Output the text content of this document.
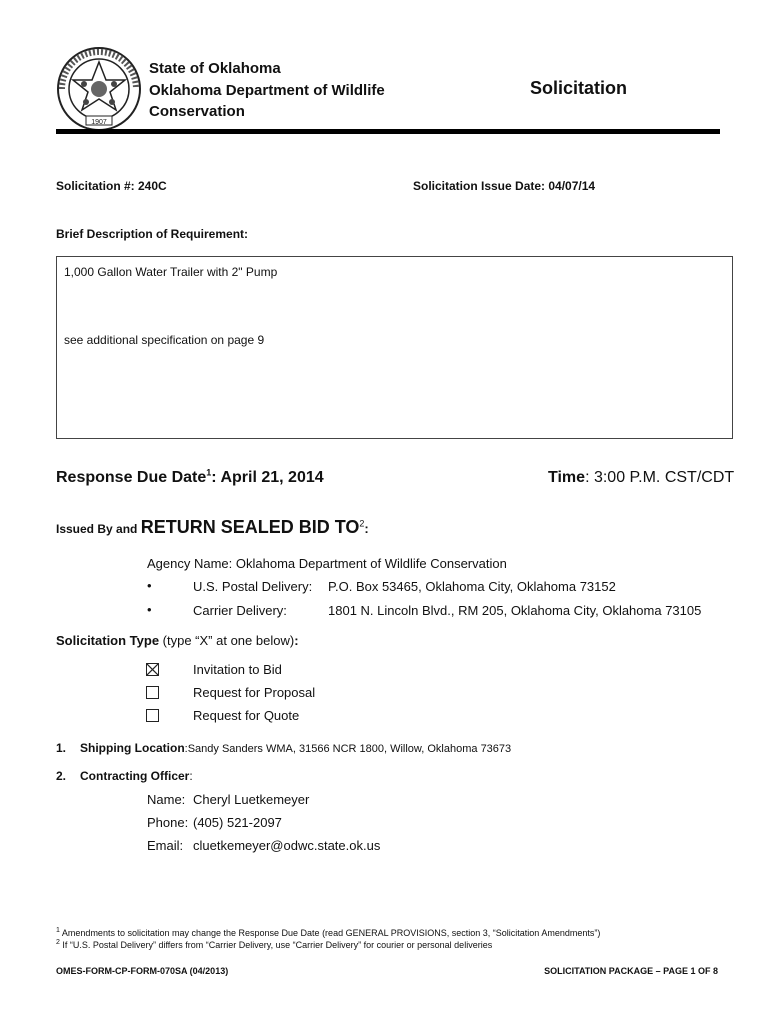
1907
State of Oklahoma
Oklahoma Department of Wildlife
Conservation
Solicitation
Solicitation #: 240C	Solicitation Issue Date: 04/07/14
Brief Description of Requirement:
1,000 Gallon Water Trailer with 2" Pump
see additional specification on page 9
Response Due Date$^1$: April 21, 2014	Time: 3:00 P.M. CST/CDT
Issued By and RETURN SEALED BID $TO^2$:
Agency Name: Oklahoma Department of Wildlife Conservation
•	U.S. Postal Delivery: P.O. Box 53465, Oklahoma City, Oklahoma 73152
•	Carrier Delivery:	1801 N. Lincoln Blvd., RM 205, Oklahoma City, Oklahoma 73105
Solicitation Type (type “X” at one below):
Invitation to Bid
Request for Proposal
Request for Quote
1. Shipping Location:Sandy Sanders WMA, 31566 NCR 1800, Willow, Oklahoma 73673
2. Contracting Officer:
Name: Cheryl Luetkemeyer
Phone: (405) 521-2097
Email: cluetkemeyer@odwc.state.ok.us
$^1$ Amendments to solicitation may change the Response Due Date (read GENERAL PROVISIONS, section 3, “Solicitation Amendments”)
$^2$ If “U.S. Postal Delivery” differs from “Carrier Delivery, use “Carrier Delivery” for courier or personal deliveries
OMES-FORM-CP-FORM-070SA (04/2013)	SOLICITATION PACKAGE – PAGE 1 OF 8
